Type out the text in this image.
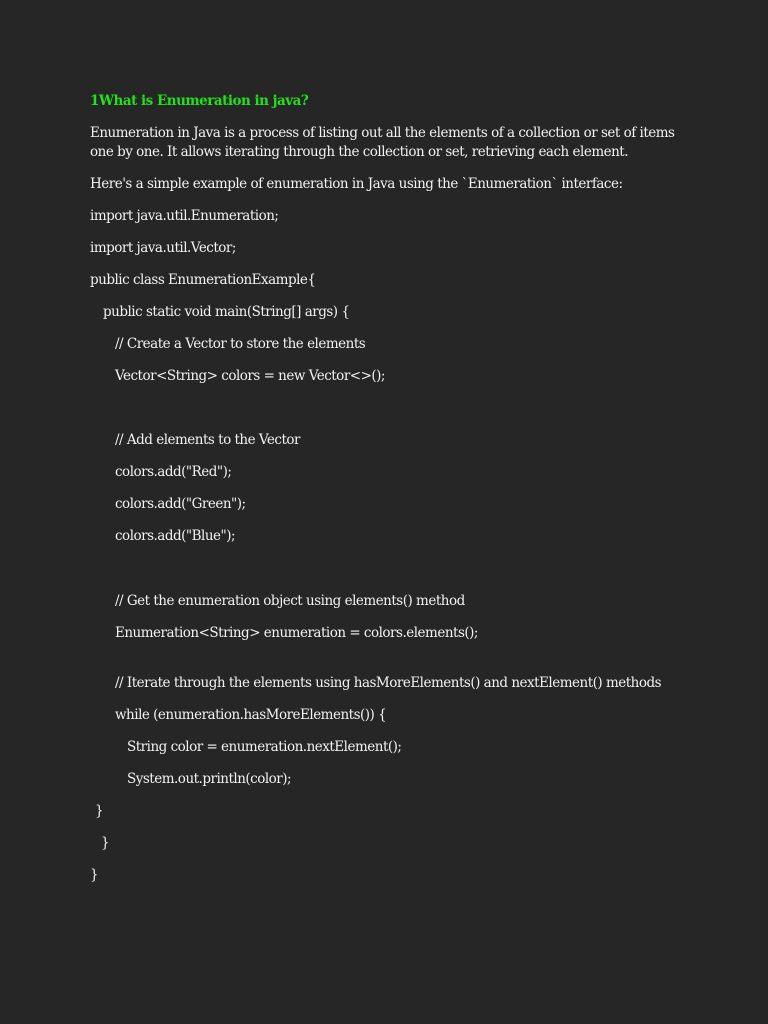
1What is Enumeration in java?
Enumeration in Java is a process of listing out all the elements of a collection or set of items one by one. It allows iterating through the collection or set, retrieving each element.
Here's a simple example of enumeration in Java using the `Enumeration` interface:
import java.util.Enumeration;
import java.util.Vector;
public class EnumerationExample{
public static void main(String[] args) {
// Create a Vector to store the elements
Vector<String> colors = new Vector<>();
// Add elements to the Vector
colors.add("Red");
colors.add("Green");
colors.add("Blue");
// Get the enumeration object using elements() method
Enumeration<String> enumeration = colors.elements();
// Iterate through the elements using hasMoreElements() and nextElement() methods
while (enumeration.hasMoreElements()) {
String color = enumeration.nextElement();
System.out.println(color);
}
}
}
